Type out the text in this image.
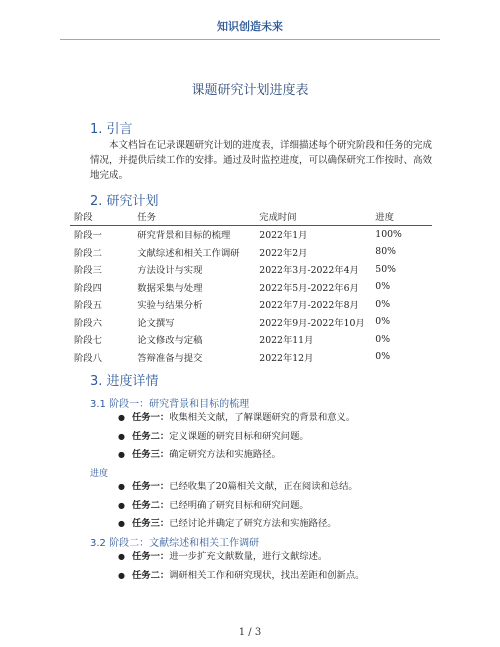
知识创造未来
课题研究计划进度表
1. 引言
本文档旨在记录课题研究计划的进度表，详细描述每个研究阶段和任务的完成情况，并提供后续工作的安排。通过及时监控进度，可以确保研究工作按时、高效地完成。
2. 研究计划
阶段	任务	完成时间	进度
阶段一	研究背景和目标的梳理	2022年1月	100%
阶段二	文献综述和相关工作调研	2022年2月	80%
阶段三	方法设计与实现	2022年3月-2022年4月	50%
阶段四	数据采集与处理	2022年5月-2022年6月	0%
阶段五	实验与结果分析	2022年7月-2022年8月	0%
阶段六	论文撰写	2022年9月-2022年10月	0%
阶段七	论文修改与定稿	2022年11月	0%
阶段八	答辩准备与提交	2022年12月	0%
3. 进度详情
3.1 阶段一：研究背景和目标的梳理
● 任务一：收集相关文献，了解课题研究的背景和意义。
● 任务二：定义课题的研究目标和研究问题。
● 任务三：确定研究方法和实施路径。
进度
● 任务一：已经收集了20篇相关文献，正在阅读和总结。
● 任务二：已经明确了研究目标和研究问题。
● 任务三：已经讨论并确定了研究方法和实施路径。
3.2 阶段二：文献综述和相关工作调研
● 任务一：进一步扩充文献数量，进行文献综述。
● 任务二：调研相关工作和研究现状，找出差距和创新点。
1 / 3
